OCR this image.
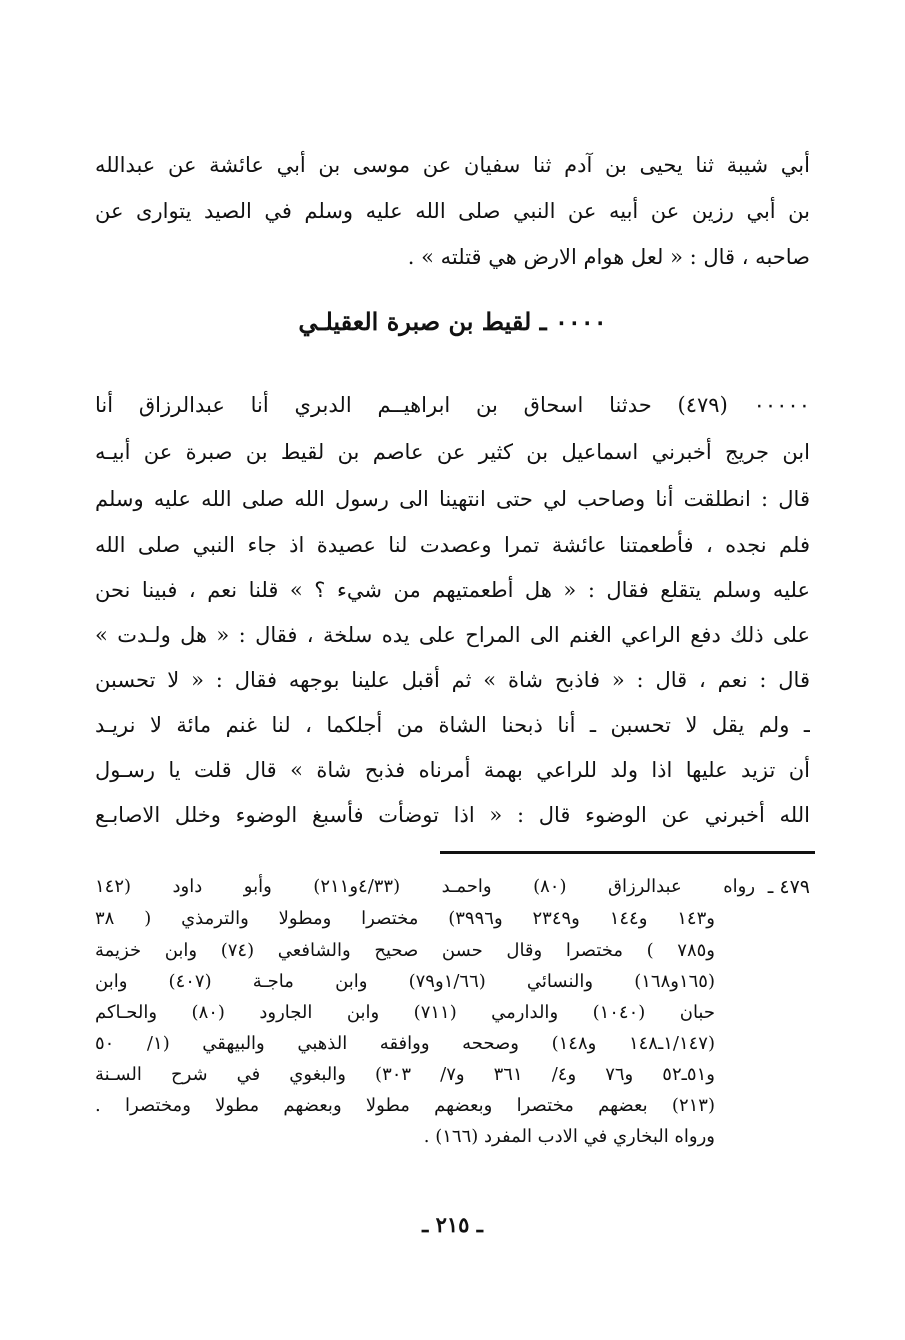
أبي شيبة ثنا يحيى بن آدم ثنا سفيان عن موسى بن أبي عائشة عن عبدالله
بن أبي رزين عن أبيه عن النبي صلى الله عليه وسلم في الصيد يتوارى عن
صاحبه ، قال : « لعل هوام الارض هي قتلته » .
٠٠٠٠ ـ لقيط بن صبرة العقيلـي
٠٠٠٠٠ (٤٧٩) حدثنا اسحاق بن ابراهيــم الدبري أنا عبدالرزاق أنا
ابن جريج أخبرني اسماعيل بن كثير عن عاصم بن لقيط بن صبرة عن أبيـه
قال : انطلقت أنا وصاحب لي حتى انتهينا الى رسول الله صلى الله عليه وسلم
فلم نجده ، فأطعمتنا عائشة تمرا وعصدت لنا عصيدة اذ جاء النبي صلى الله
عليه وسلم يتقلع فقال : « هل أطعمتيهم من شيء ؟ » قلنا نعم ، فبينا نحن
على ذلك دفع الراعي الغنم الى المراح على يده سلخة ، فقال : « هل ولـدت »
قال : نعم ، قال : « فاذبح شاة » ثم أقبل علينا بوجهه فقال : « لا تحسبن
ـ ولم يقل لا تحسبن ـ أنا ذبحنا الشاة من أجلكما ، لنا غنم مائة لا نريـد
أن تزيد عليها اذا ولد للراعي بهمة أمرناه فذبح شاة » قال قلت يا رسـول
الله أخبرني عن الوضوء قال : « اذا توضأت فأسبغ الوضوء وخلل الاصابـع
٤٧٩ ـ
رواه عبدالرزاق (٨٠) واحمـد (٤/٣٣و٢١١) وأبو داود (١٤٢
و١٤٣ و١٤٤ و٢٣٤٩ و٣٩٩٦) مختصرا ومطولا والترمذي ( ٣٨
و٧٨٥ ) مختصرا وقال حسن صحيح والشافعي (٧٤) وابن خزيمة
(١٦٥و١٦٨) والنسائي (١/٦٦و٧٩) وابن ماجـة (٤٠٧) وابن
حبان (١٠٤٠) والدارمي (٧١١) وابن الجارود (٨٠) والحـاكم
(١/١٤٧ـ١٤٨ و١٤٨) وصححه ووافقه الذهبي والبيهقي (١/ ٥٠
و٥١ـ٥٢ و٧٦ و٤/ ٣٦١ و٧/ ٣٠٣) والبغوي في شرح السـنة
(٢١٣) بعضهم مختصرا وبعضهم مطولا وبعضهم مطولا ومختصرا .
ورواه البخاري في الادب المفرد (١٦٦) .
ـ ٢١٥ ـ
